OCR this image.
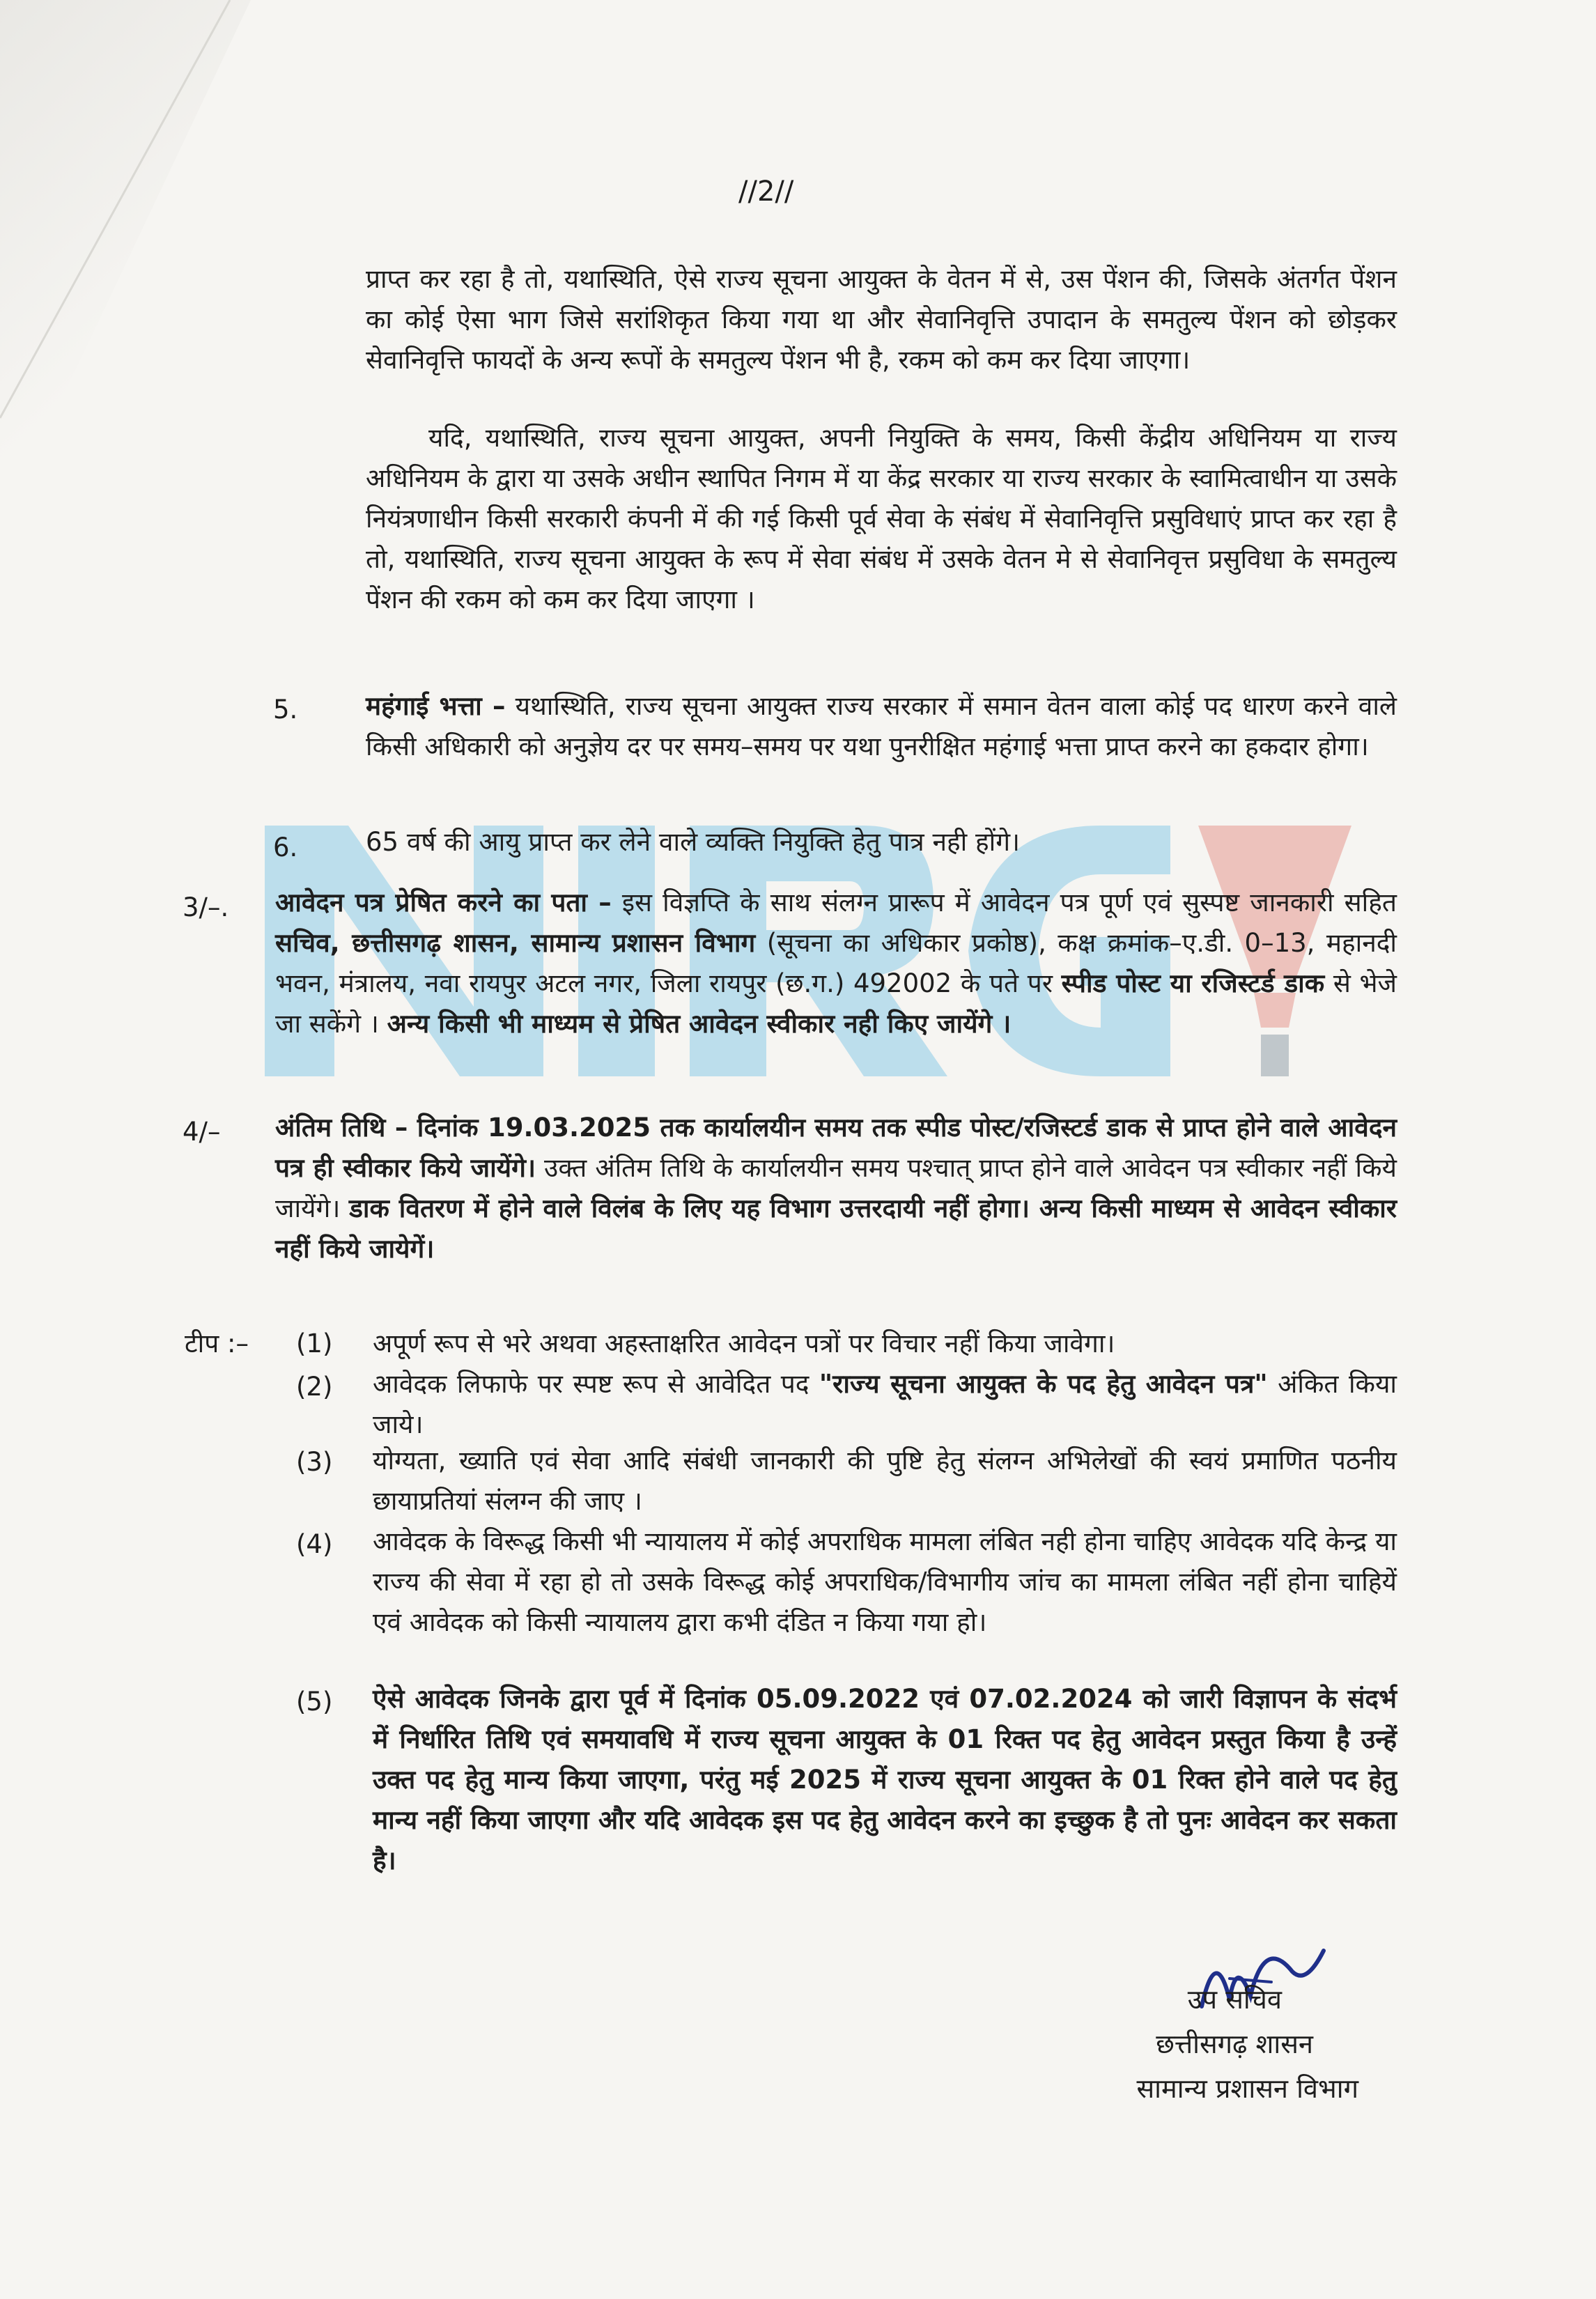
//2//
प्राप्त कर रहा है तो, यथास्थिति, ऐसे राज्य सूचना आयुक्त के वेतन में से, उस पेंशन की, जिसके अंतर्गत पेंशन का कोई ऐसा भाग जिसे सरांशिकृत किया गया था और सेवानिवृत्ति उपादान के समतुल्य पेंशन को छोड़कर सेवानिवृत्ति फायदों के अन्य रूपों के समतुल्य पेंशन भी है, रकम को कम कर दिया जाएगा।
यदि, यथास्थिति, राज्य सूचना आयुक्त, अपनी नियुक्ति के समय, किसी केंद्रीय अधिनियम या राज्य अधिनियम के द्वारा या उसके अधीन स्थापित निगम में या केंद्र सरकार या राज्य सरकार के स्वामित्वाधीन या उसके नियंत्रणाधीन किसी सरकारी कंपनी में की गई किसी पूर्व सेवा के संबंध में सेवानिवृत्ति प्रसुविधाएं प्राप्त कर रहा है तो, यथास्थिति, राज्य सूचना आयुक्त के रूप में सेवा संबंध में उसके वेतन मे से सेवानिवृत्त प्रसुविधा के समतुल्य पेंशन की रकम को कम कर दिया जाएगा ।
5.	महंगाई भत्ता – यथास्थिति, राज्य सूचना आयुक्त राज्य सरकार में समान वेतन वाला कोई पद धारण करने वाले किसी अधिकारी को अनुज्ञेय दर पर समय–समय पर यथा पुनरीक्षित महंगाई भत्ता प्राप्त करने का हकदार होगा।
6.	65 वर्ष की आयु प्राप्त कर लेने वाले व्यक्ति नियुक्ति हेतु पात्र नही होंगे।
3/–. आवेदन पत्र प्रेषित करने का पता – इस विज्ञप्ति के साथ संलग्न प्रारूप में आवेदन पत्र पूर्ण एवं सुस्पष्ट जानकारी सहित सचिव, छत्तीसगढ़ शासन, सामान्य प्रशासन विभाग (सूचना का अधिकार प्रकोष्ठ), कक्ष क्रमांक–ए.डी. 0–13, महानदी भवन, मंत्रालय, नवा रायपुर अटल नगर, जिला रायपुर (छ.ग.) 492002 के पते पर स्पीड पोस्ट या रजिस्टर्ड डाक से भेजे जा सकेंगे । अन्य किसी भी माध्यम से प्रेषित आवेदन स्वीकार नही किए जायेंगे ।
4/– अंतिम तिथि – दिनांक 19.03.2025 तक कार्यालयीन समय तक स्पीड पोस्ट/रजिस्टर्ड डाक से प्राप्त होने वाले आवेदन पत्र ही स्वीकार किये जायेंगे। उक्त अंतिम तिथि के कार्यालयीन समय पश्चात् प्राप्त होने वाले आवेदन पत्र स्वीकार नहीं किये जायेंगे। डाक वितरण में होने वाले विलंब के लिए यह विभाग उत्तरदायी नहीं होगा। अन्य किसी माध्यम से आवेदन स्वीकार नहीं किये जायेगें।
टीप :– (1) अपूर्ण रूप से भरे अथवा अहस्ताक्षरित आवेदन पत्रों पर विचार नहीं किया जावेगा।
(2) आवेदक लिफाफे पर स्पष्ट रूप से आवेदित पद "राज्य सूचना आयुक्त के पद हेतु आवेदन पत्र" अंकित किया जाये।
(3) योग्यता, ख्याति एवं सेवा आदि संबंधी जानकारी की पुष्टि हेतु संलग्न अभिलेखों की स्वयं प्रमाणित पठनीय छायाप्रतियां संलग्न की जाए ।
(4) आवेदक के विरूद्ध किसी भी न्यायालय में कोई अपराधिक मामला लंबित नही होना चाहिए आवेदक यदि केन्द्र या राज्य की सेवा में रहा हो तो उसके विरूद्ध कोई अपराधिक/विभागीय जांच का मामला लंबित नहीं होना चाहियें एवं आवेदक को किसी न्यायालय द्वारा कभी दंडित न किया गया हो।
(5) ऐसे आवेदक जिनके द्वारा पूर्व में दिनांक 05.09.2022 एवं 07.02.2024 को जारी विज्ञापन के संदर्भ में निर्धारित तिथि एवं समयावधि में राज्य सूचना आयुक्त के 01 रिक्त पद हेतु आवेदन प्रस्तुत किया है उन्हें उक्त पद हेतु मान्य किया जाएगा, परंतु मई 2025 में राज्य सूचना आयुक्त के 01 रिक्त होने वाले पद हेतु मान्य नहीं किया जाएगा और यदि आवेदक इस पद हेतु आवेदन करने का इच्छुक है तो पुनः आवेदन कर सकता है।
उप सचिव
छत्तीसगढ़ शासन
सामान्य प्रशासन विभाग
